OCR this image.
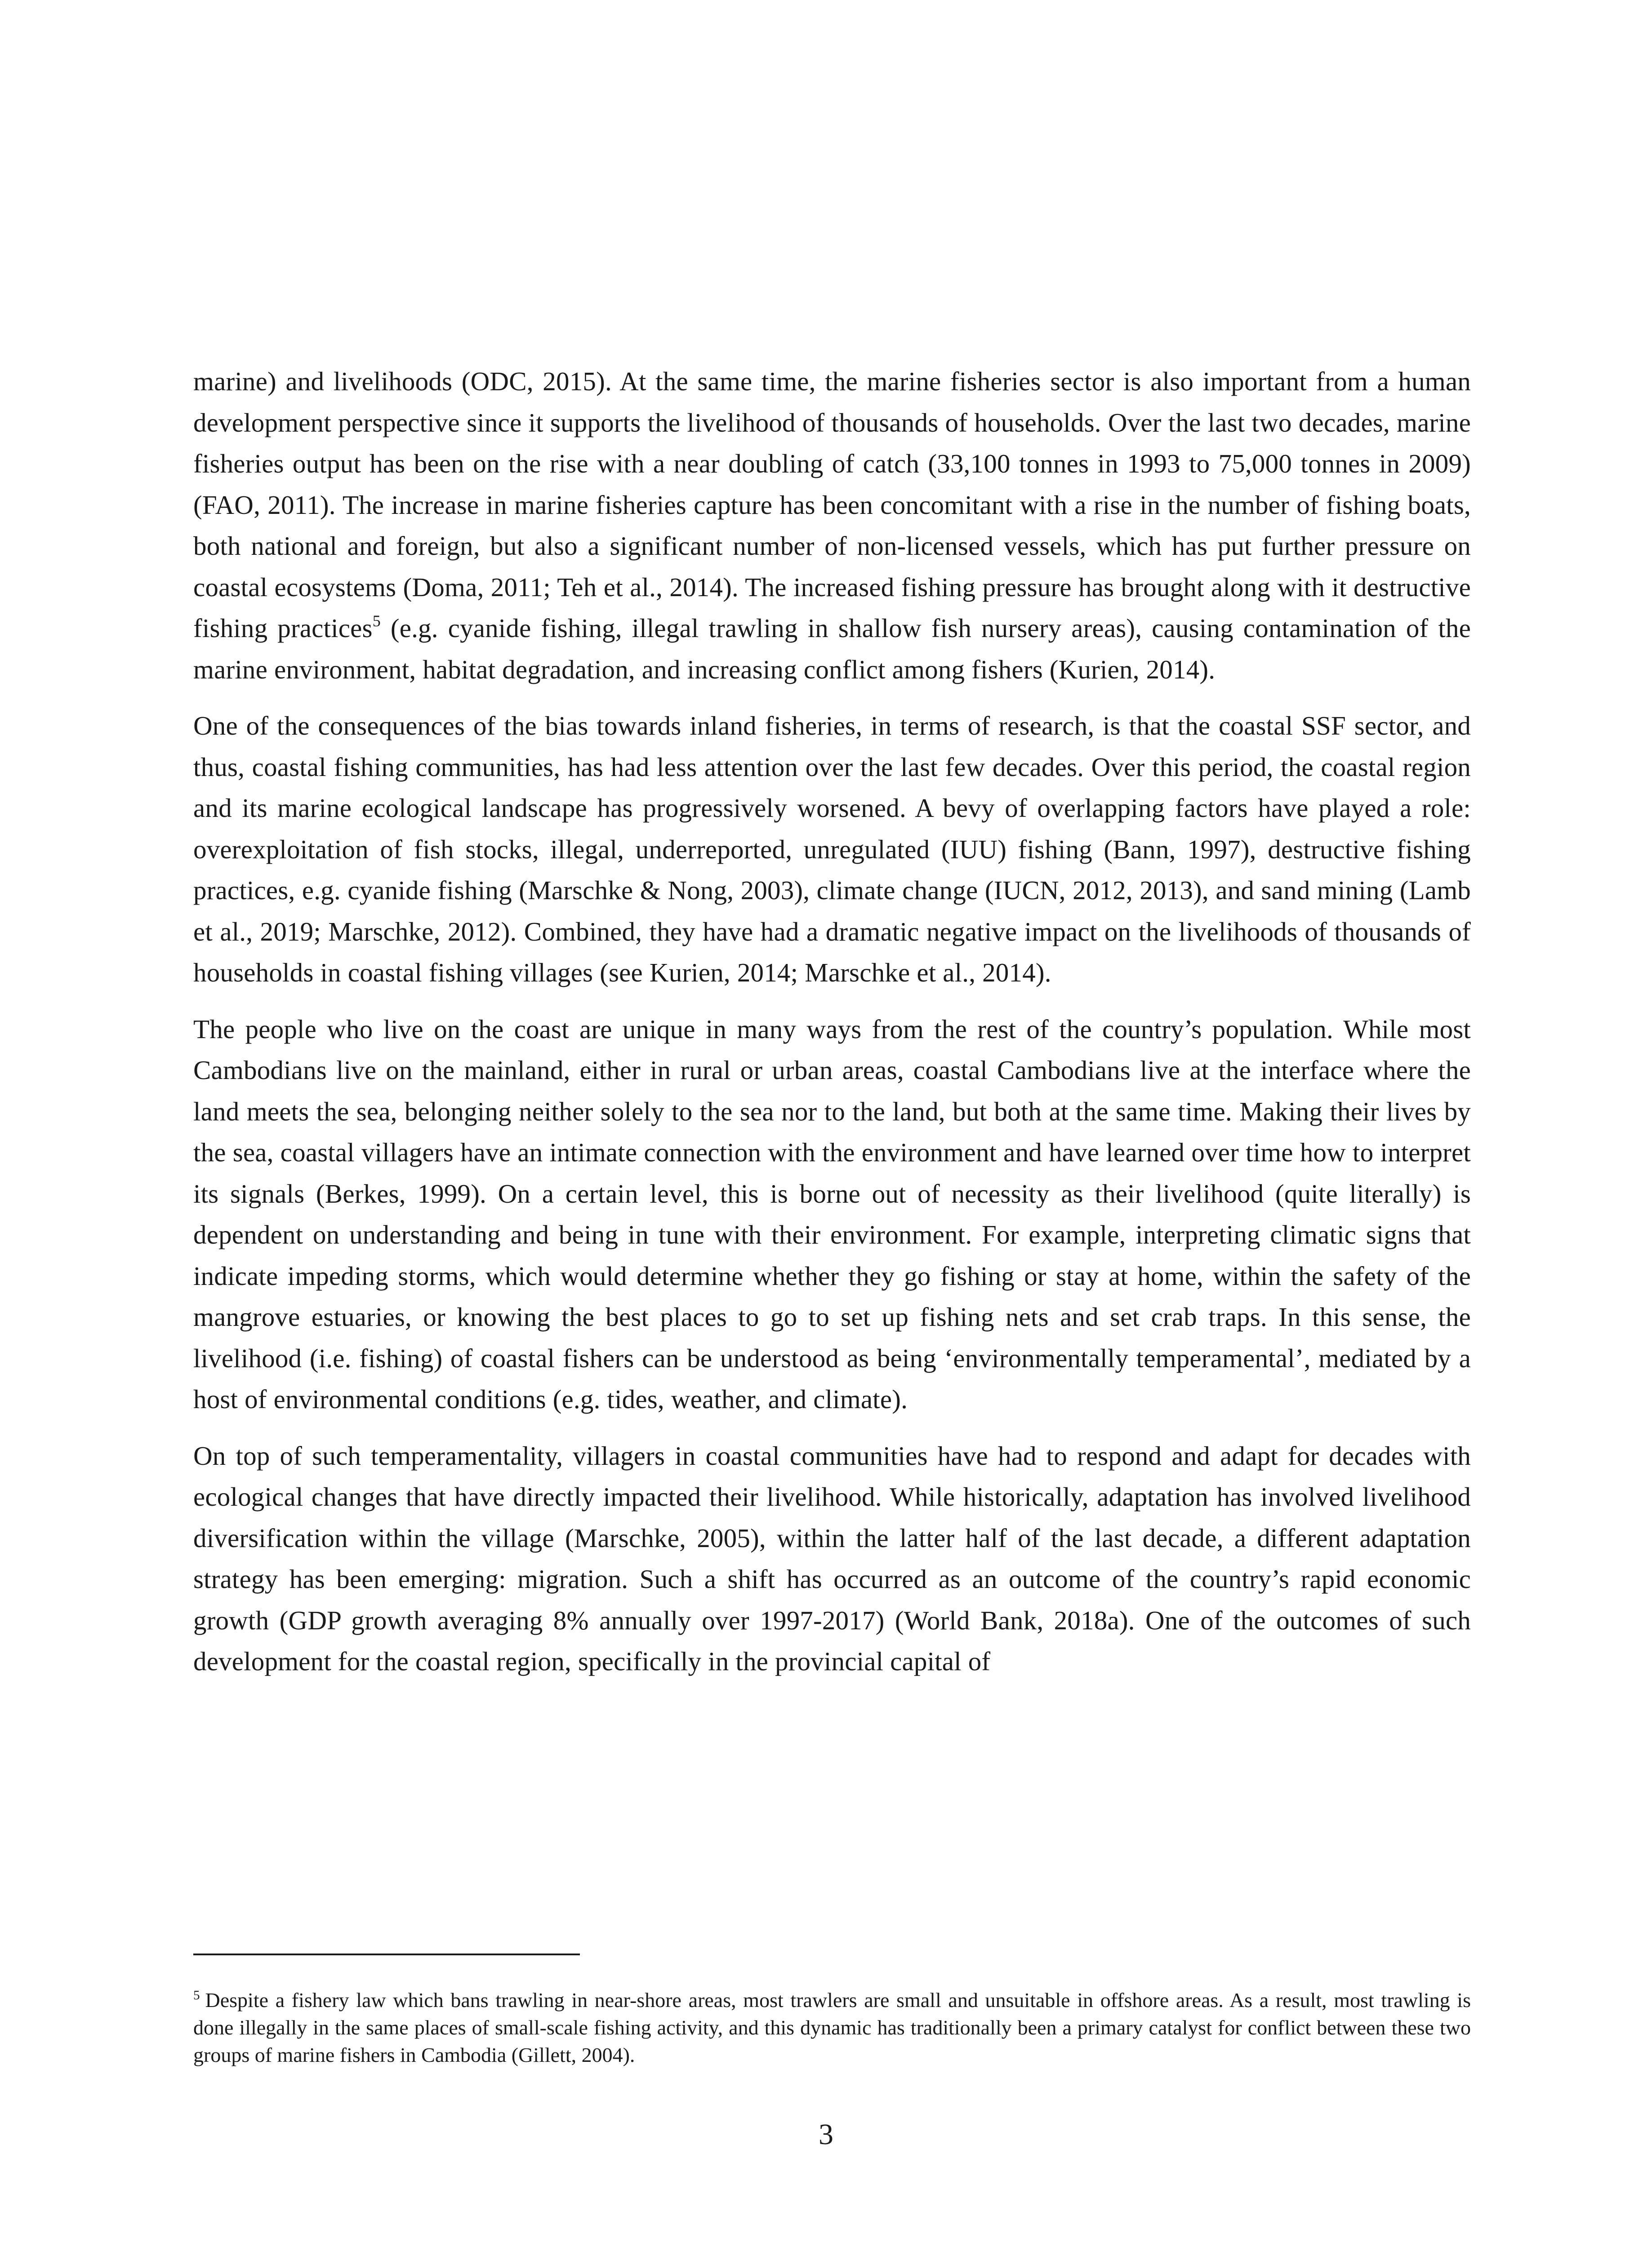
marine) and livelihoods (ODC, 2015). At the same time, the marine fisheries sector is also important from a human development perspective since it supports the livelihood of thousands of households. Over the last two decades, marine fisheries output has been on the rise with a near doubling of catch (33,100 tonnes in 1993 to 75,000 tonnes in 2009) (FAO, 2011). The increase in marine fisheries capture has been concomitant with a rise in the number of fishing boats, both national and foreign, but also a significant number of non-licensed vessels, which has put further pressure on coastal ecosystems (Doma, 2011; Teh et al., 2014). The increased fishing pressure has brought along with it destructive fishing practices$^5$ (e.g. cyanide fishing, illegal trawling in shallow fish nursery areas), causing contamination of the marine environment, habitat degradation, and increasing conflict among fishers (Kurien, 2014).

One of the consequences of the bias towards inland fisheries, in terms of research, is that the coastal SSF sector, and thus, coastal fishing communities, has had less attention over the last few decades. Over this period, the coastal region and its marine ecological landscape has progressively worsened. A bevy of overlapping factors have played a role: overexploitation of fish stocks, illegal, underreported, unregulated (IUU) fishing (Bann, 1997), destructive fishing practices, e.g. cyanide fishing (Marschke & Nong, 2003), climate change (IUCN, 2012, 2013), and sand mining (Lamb et al., 2019; Marschke, 2012). Combined, they have had a dramatic negative impact on the livelihoods of thousands of households in coastal fishing villages (see Kurien, 2014; Marschke et al., 2014).

The people who live on the coast are unique in many ways from the rest of the country’s population. While most Cambodians live on the mainland, either in rural or urban areas, coastal Cambodians live at the interface where the land meets the sea, belonging neither solely to the sea nor to the land, but both at the same time. Making their lives by the sea, coastal villagers have an intimate connection with the environment and have learned over time how to interpret its signals (Berkes, 1999). On a certain level, this is borne out of necessity as their livelihood (quite literally) is dependent on understanding and being in tune with their environment. For example, interpreting climatic signs that indicate impeding storms, which would determine whether they go fishing or stay at home, within the safety of the mangrove estuaries, or knowing the best places to go to set up fishing nets and set crab traps. In this sense, the livelihood (i.e. fishing) of coastal fishers can be understood as being ‘environmentally temperamental’, mediated by a host of environmental conditions (e.g. tides, weather, and climate).

On top of such temperamentality, villagers in coastal communities have had to respond and adapt for decades with ecological changes that have directly impacted their livelihood. While historically, adaptation has involved livelihood diversification within the village (Marschke, 2005), within the latter half of the last decade, a different adaptation strategy has been emerging: migration. Such a shift has occurred as an outcome of the country’s rapid economic growth (GDP growth averaging 8% annually over 1997-2017) (World Bank, 2018a). One of the outcomes of such development for the coastal region, specifically in the provincial capital of

$^5$ Despite a fishery law which bans trawling in near-shore areas, most trawlers are small and unsuitable in offshore areas. As a result, most trawling is done illegally in the same places of small-scale fishing activity, and this dynamic has traditionally been a primary catalyst for conflict between these two groups of marine fishers in Cambodia (Gillett, 2004).
3
